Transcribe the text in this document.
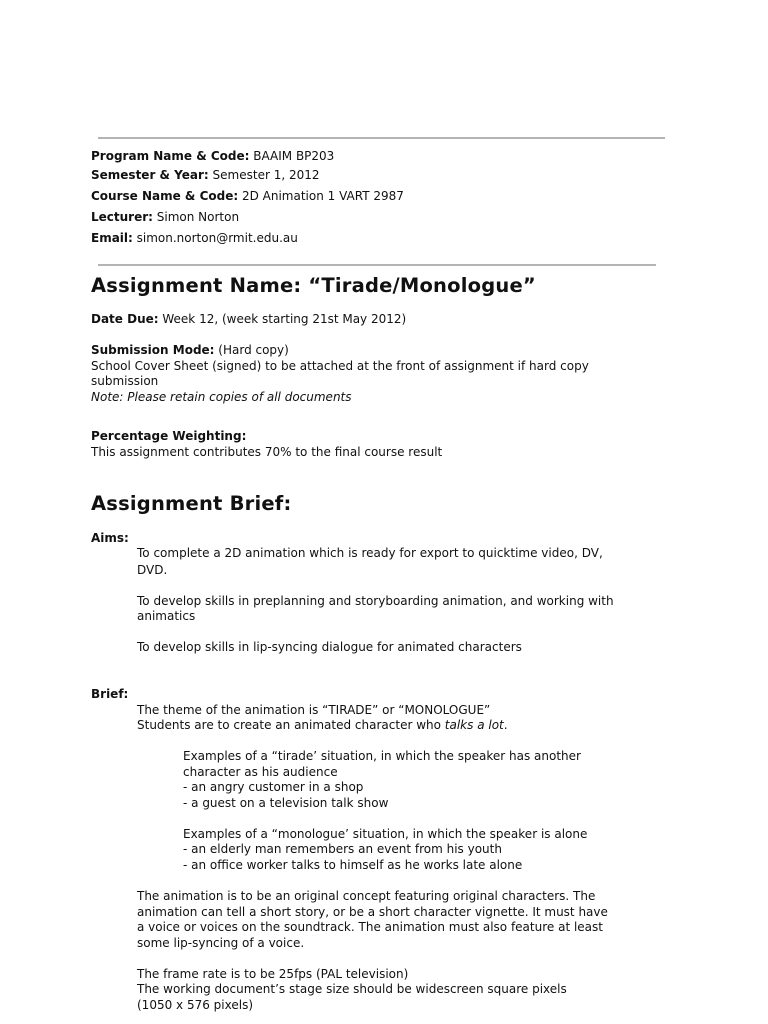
Program Name & Code: BAAIM BP203
Semester & Year: Semester 1, 2012
Course Name & Code: 2D Animation 1 VART 2987
Lecturer: Simon Norton
Email: simon.norton@rmit.edu.au
Assignment Name: “Tirade/Monologue”
Date Due: Week 12, (week starting 21st May 2012)
Submission Mode: (Hard copy)
School Cover Sheet (signed) to be attached at the front of assignment if hard copy
submission
Note: Please retain copies of all documents
Percentage Weighting:
This assignment contributes 70% to the final course result
Assignment Brief:
Aims:
To complete a 2D animation which is ready for export to quicktime video, DV,
DVD.
To develop skills in preplanning and storyboarding animation, and working with
animatics
To develop skills in lip-syncing dialogue for animated characters
Brief:
The theme of the animation is “TIRADE” or “MONOLOGUE”
Students are to create an animated character who talks a lot.
Examples of a “tirade’ situation, in which the speaker has another
character as his audience
- an angry customer in a shop
- a guest on a television talk show
Examples of a “monologue’ situation, in which the speaker is alone
- an elderly man remembers an event from his youth
- an office worker talks to himself as he works late alone
The animation is to be an original concept featuring original characters. The
animation can tell a short story, or be a short character vignette. It must have
a voice or voices on the soundtrack. The animation must also feature at least
some lip-syncing of a voice.
The frame rate is to be 25fps (PAL television)
The working document’s stage size should be widescreen square pixels
(1050 x 576 pixels)
